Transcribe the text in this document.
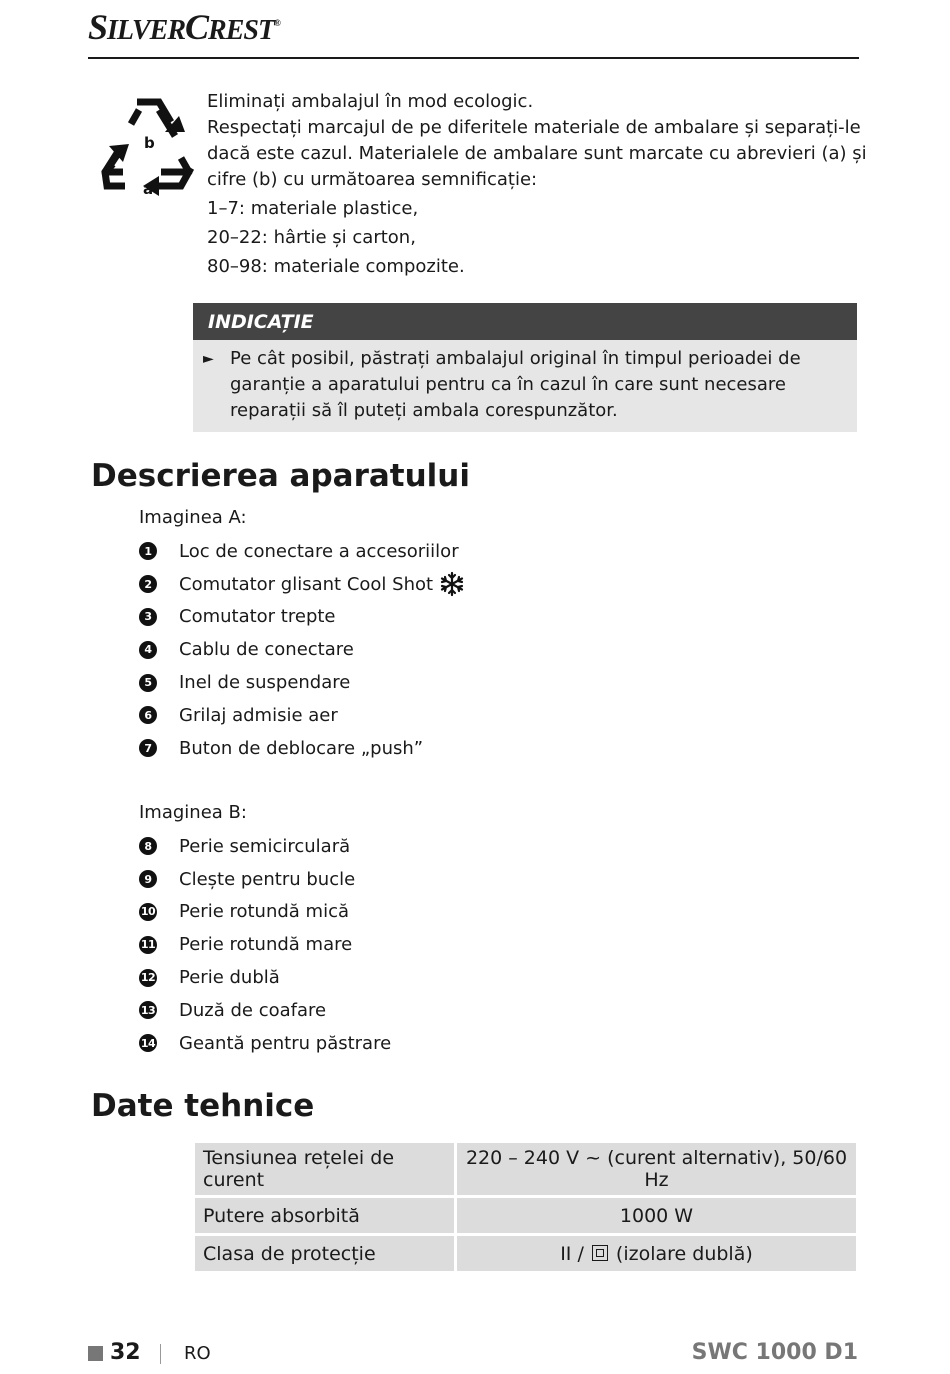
SILVERCREST®
b
a

Eliminați ambalajul în mod ecologic.

Respectați marcajul de pe diferitele materiale de ambalare și separați-le dacă este cazul. Materialele de ambalare sunt marcate cu abrevieri (a) și cifre (b) cu următoarea semnificație:

1–7: materiale plastice,

20–22: hârtie și carton,

80–98: materiale compozite.

INDICAȚIE
► Pe cât posibil, păstrați ambalajul original în timpul perioadei de garanție a aparatului pentru ca în cazul în care sunt necesare reparații să îl puteți ambala corespunzător.
Descrierea aparatului
Imaginea A:
1	Loc de conectare a accesoriilor
2	Comutator glisant Cool Shot
3	Comutator trepte
4	Cablu de conectare
5	Inel de suspendare
6	Grilaj admisie aer
7	Buton de deblocare „push”
Imaginea B:
8	Perie semicirculară
9	Clește pentru bucle
10 Perie rotundă mică
11 Perie rotundă mare
12 Perie dublă
13 Duză de coafare
14 Geantă pentru păstrare
Date tehnice
Tensiunea rețelei de curent	220 – 240 V ~ (curent alternativ), 50/60 Hz
Putere absorbită	1000 W
Clasa de protecție	II /  (izolare dublă)
32 RO	SWC 1000 D1
